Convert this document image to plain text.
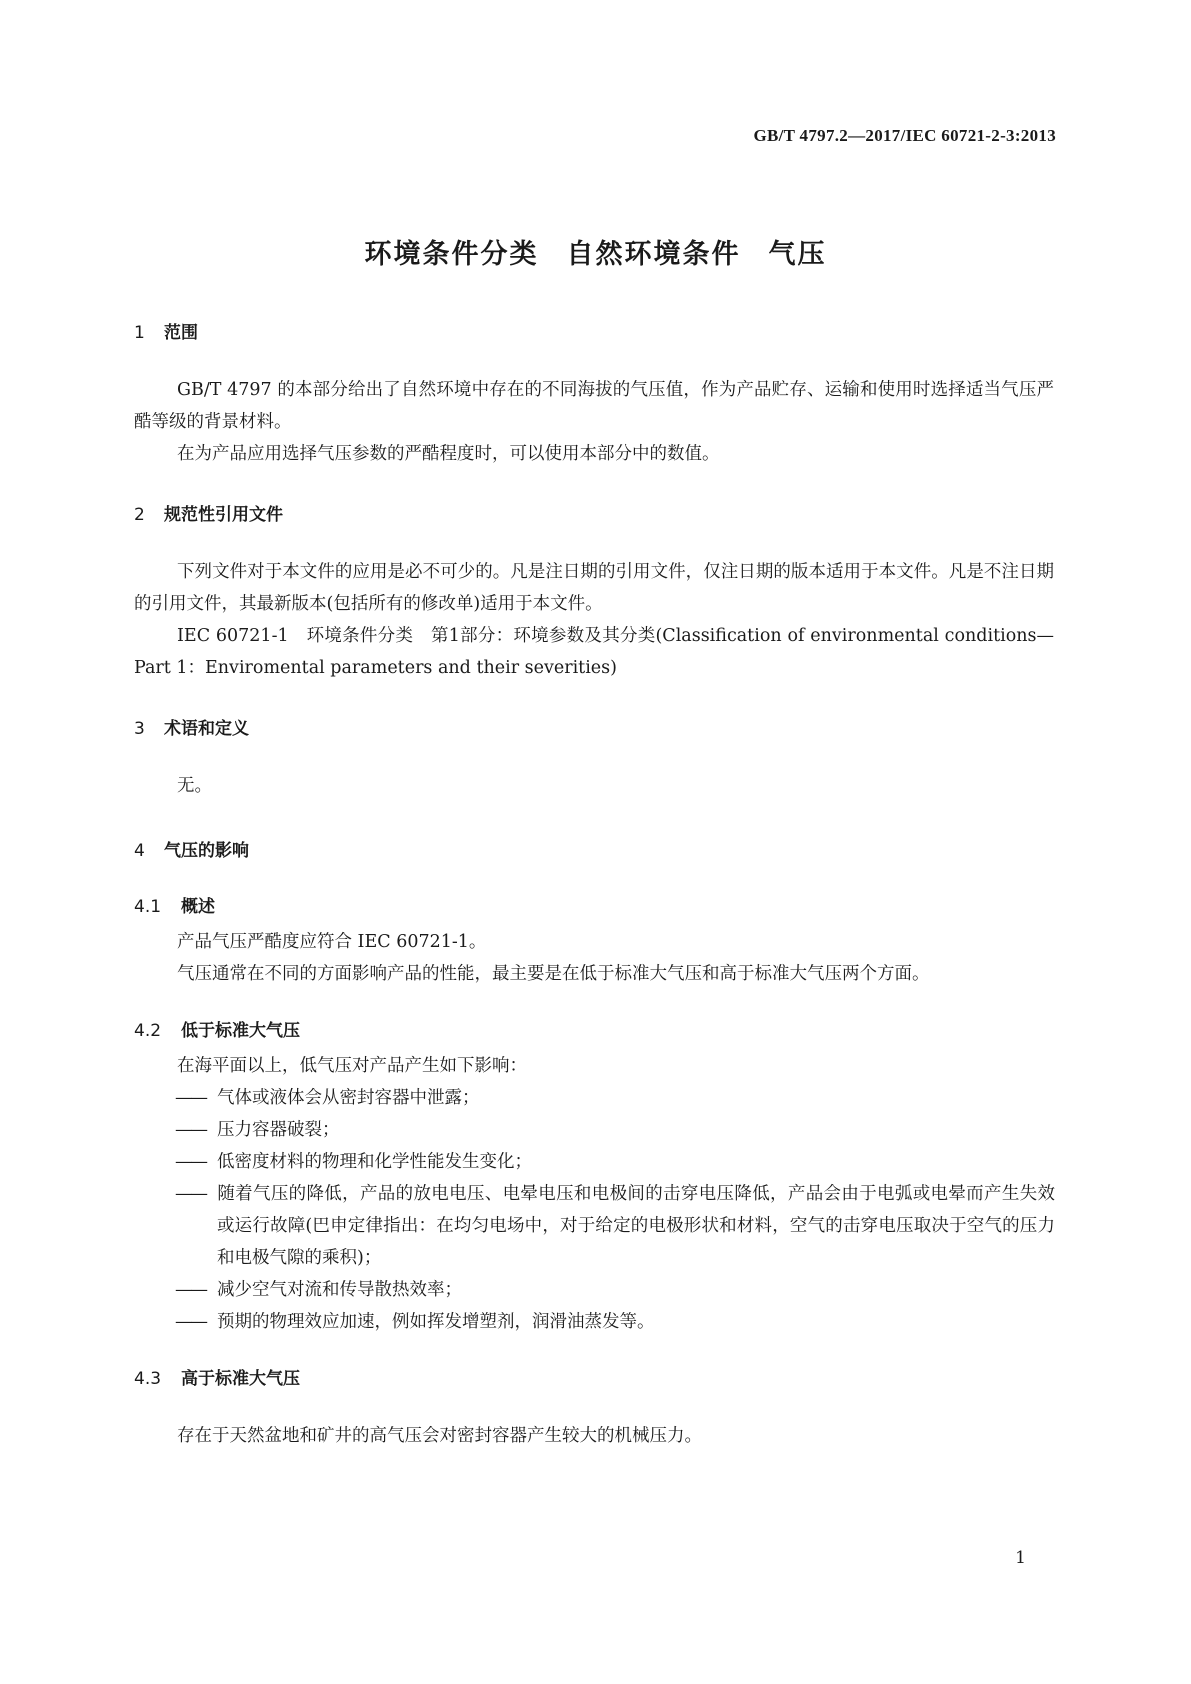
GB/T 4797.2—2017/IEC 60721-2-3:2013
环境条件分类 自然环境条件 气压
1 范围
GB/T 4797 的本部分给出了自然环境中存在的不同海拔的气压值，作为产品贮存、运输和使用时选择适当气压严酷等级的背景材料。
在为产品应用选择气压参数的严酷程度时，可以使用本部分中的数值。
2 规范性引用文件
下列文件对于本文件的应用是必不可少的。凡是注日期的引用文件，仅注日期的版本适用于本文件。凡是不注日期的引用文件，其最新版本(包括所有的修改单)适用于本文件。
IEC 60721-1　环境条件分类　第1部分：环境参数及其分类(Classification of environmental conditions—Part 1：Enviromental parameters and their severities)
3 术语和定义
无。
4 气压的影响
4.1 概述
产品气压严酷度应符合 IEC 60721-1。
气压通常在不同的方面影响产品的性能，最主要是在低于标准大气压和高于标准大气压两个方面。
4.2 低于标准大气压
在海平面以上，低气压对产品产生如下影响：
—— 气体或液体会从密封容器中泄露；
—— 压力容器破裂；
—— 低密度材料的物理和化学性能发生变化；
—— 随着气压的降低，产品的放电电压、电晕电压和电极间的击穿电压降低，产品会由于电弧或电晕而产生失效或运行故障(巴申定律指出：在均匀电场中，对于给定的电极形状和材料，空气的击穿电压取决于空气的压力和电极气隙的乘积)；
—— 减少空气对流和传导散热效率；
—— 预期的物理效应加速，例如挥发增塑剂，润滑油蒸发等。
4.3 高于标准大气压
存在于天然盆地和矿井的高气压会对密封容器产生较大的机械压力。
1
